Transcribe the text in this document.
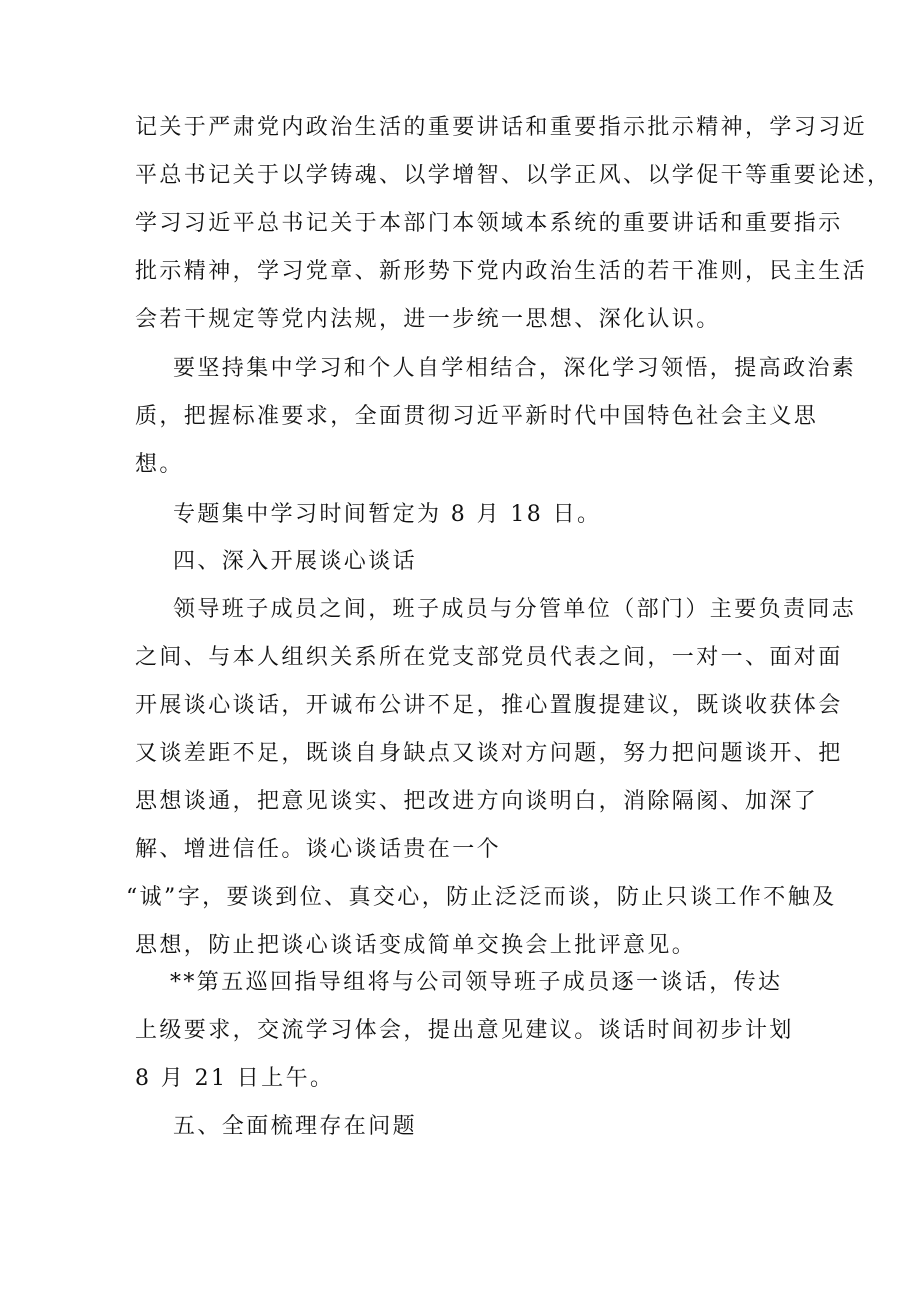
记关于严肃党内政治生活的重要讲话和重要指示批示精神，学习习近
平总书记关于以学铸魂、以学增智、以学正风、以学促干等重要论述，
学习习近平总书记关于本部门本领域本系统的重要讲话和重要指示
批示精神，学习党章、新形势下党内政治生活的若干准则，民主生活
会若干规定等党内法规，进一步统一思想、深化认识。
要坚持集中学习和个人自学相结合，深化学习领悟，提高政治素
质，把握标准要求，全面贯彻习近平新时代中国特色社会主义思
想。
专题集中学习时间暂定为 8 月 18 日。
四、深入开展谈心谈话
领导班子成员之间，班子成员与分管单位（部门）主要负责同志
之间、与本人组织关系所在党支部党员代表之间，一对一、面对面
开展谈心谈话，开诚布公讲不足，推心置腹提建议，既谈收获体会
又谈差距不足，既谈自身缺点又谈对方问题，努力把问题谈开、把
思想谈通，把意见谈实、把改进方向谈明白，消除隔阂、加深了
解、增进信任。谈心谈话贵在一个
“诚”字，要谈到位、真交心，防止泛泛而谈，防止只谈工作不触及
思想，防止把谈心谈话变成简单交换会上批评意见。
**第五巡回指导组将与公司领导班子成员逐一谈话，传达
上级要求，交流学习体会，提出意见建议。谈话时间初步计划
8 月 21 日上午。
五、全面梳理存在问题
